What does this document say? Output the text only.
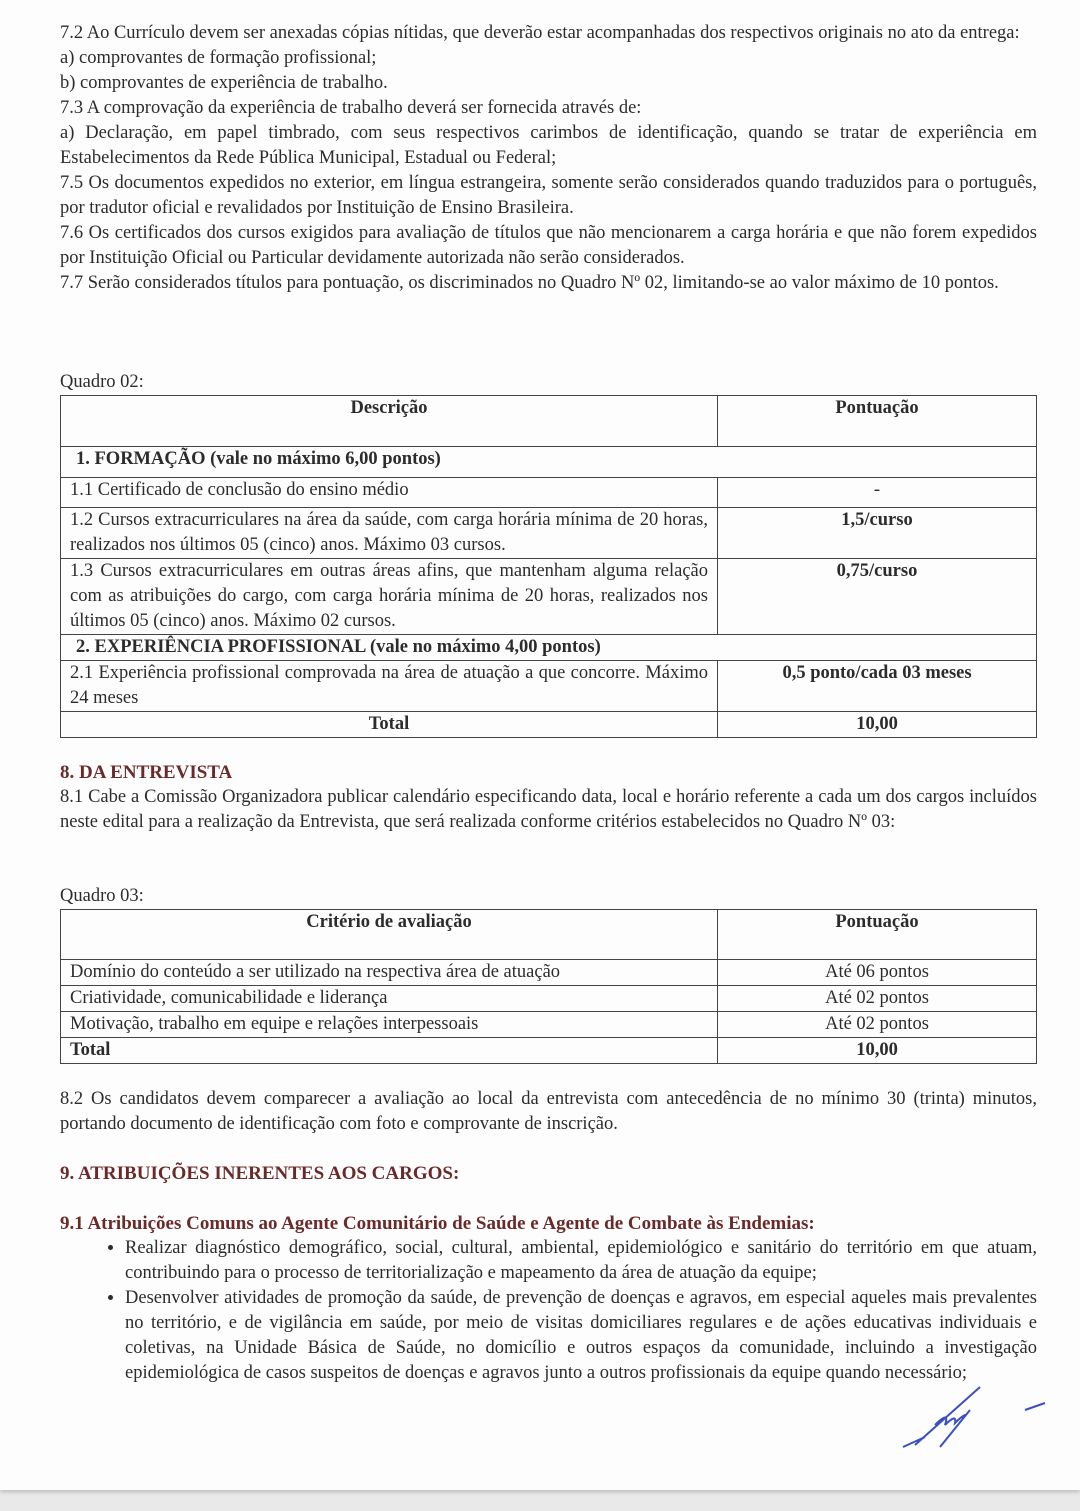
7.2 Ao Currículo devem ser anexadas cópias nítidas, que deverão estar acompanhadas dos respectivos originais no ato da entrega:

a) comprovantes de formação profissional;

b) comprovantes de experiência de trabalho.

7.3 A comprovação da experiência de trabalho deverá ser fornecida através de:

a) Declaração, em papel timbrado, com seus respectivos carimbos de identificação, quando se tratar de experiência em Estabelecimentos da Rede Pública Municipal, Estadual ou Federal;

7.5 Os documentos expedidos no exterior, em língua estrangeira, somente serão considerados quando traduzidos para o português, por tradutor oficial e revalidados por Instituição de Ensino Brasileira.

7.6 Os certificados dos cursos exigidos para avaliação de títulos que não mencionarem a carga horária e que não forem expedidos por Instituição Oficial ou Particular devidamente autorizada não serão considerados.

7.7 Serão considerados títulos para pontuação, os discriminados no Quadro Nº 02, limitando-se ao valor máximo de 10 pontos.

Quadro 02:

Descrição	Pontuação
1. FORMAÇÃO (vale no máximo 6,00 pontos)	
1.1 Certificado de conclusão do ensino médio	-
1.2 Cursos extracurriculares na área da saúde, com carga horária mínima de 20 horas, realizados nos últimos 05 (cinco) anos. Máximo 03 cursos.	1,5/curso
1.3 Cursos extracurriculares em outras áreas afins, que mantenham alguma relação com as atribuições do cargo, com carga horária mínima de 20 horas, realizados nos últimos 05 (cinco) anos. Máximo 02 cursos.	0,75/curso
2. EXPERIÊNCIA PROFISSIONAL (vale no máximo 4,00 pontos)	
2.1 Experiência profissional comprovada na área de atuação a que concorre. Máximo 24 meses	0,5 ponto/cada 03 meses
Total	10,00
8. DA ENTREVISTA

8.1 Cabe a Comissão Organizadora publicar calendário especificando data, local e horário referente a cada um dos cargos incluídos neste edital para a realização da Entrevista, que será realizada conforme critérios estabelecidos no Quadro Nº 03:

Quadro 03:

Critério de avaliação	Pontuação
Domínio do conteúdo a ser utilizado na respectiva área de atuação	Até 06 pontos
Criatividade, comunicabilidade e liderança	Até 02 pontos
Motivação, trabalho em equipe e relações interpessoais	Até 02 pontos
Total	10,00
8.2 Os candidatos devem comparecer a avaliação ao local da entrevista com antecedência de no mínimo 30 (trinta) minutos, portando documento de identificação com foto e comprovante de inscrição.
9. ATRIBUIÇÕES INERENTES AOS CARGOS:
9.1 Atribuições Comuns ao Agente Comunitário de Saúde e Agente de Combate às Endemias:
• Realizar diagnóstico demográfico, social, cultural, ambiental, epidemiológico e sanitário do território em que atuam, contribuindo para o processo de territorialização e mapeamento da área de atuação da equipe;
• Desenvolver atividades de promoção da saúde, de prevenção de doenças e agravos, em especial aqueles mais prevalentes no território, e de vigilância em saúde, por meio de visitas domiciliares regulares e de ações educativas individuais e coletivas, na Unidade Básica de Saúde, no domicílio e outros espaços da comunidade, incluindo a investigação epidemiológica de casos suspeitos de doenças e agravos junto a outros profissionais da equipe quando necessário;
